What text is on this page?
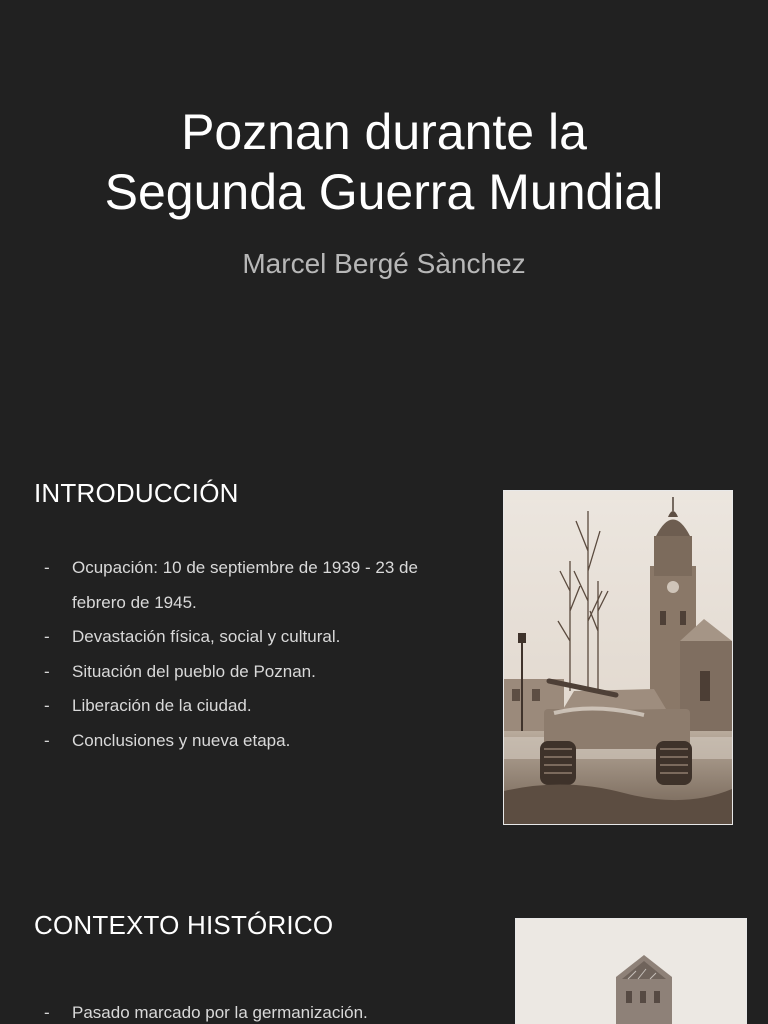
Poznan durante la
Segunda Guerra Mundial

Marcel Bergé Sànchez

INTRODUCCIÓN
- Ocupación: 10 de septiembre de 1939 - 23 de
febrero de 1945.
- Devastación física, social y cultural.
- Situación del pueblo de Poznan.
- Liberación de la ciudad.
- Conclusiones y nueva etapa.
CONTEXTO HISTÓRICO
- Pasado marcado por la germanización.
